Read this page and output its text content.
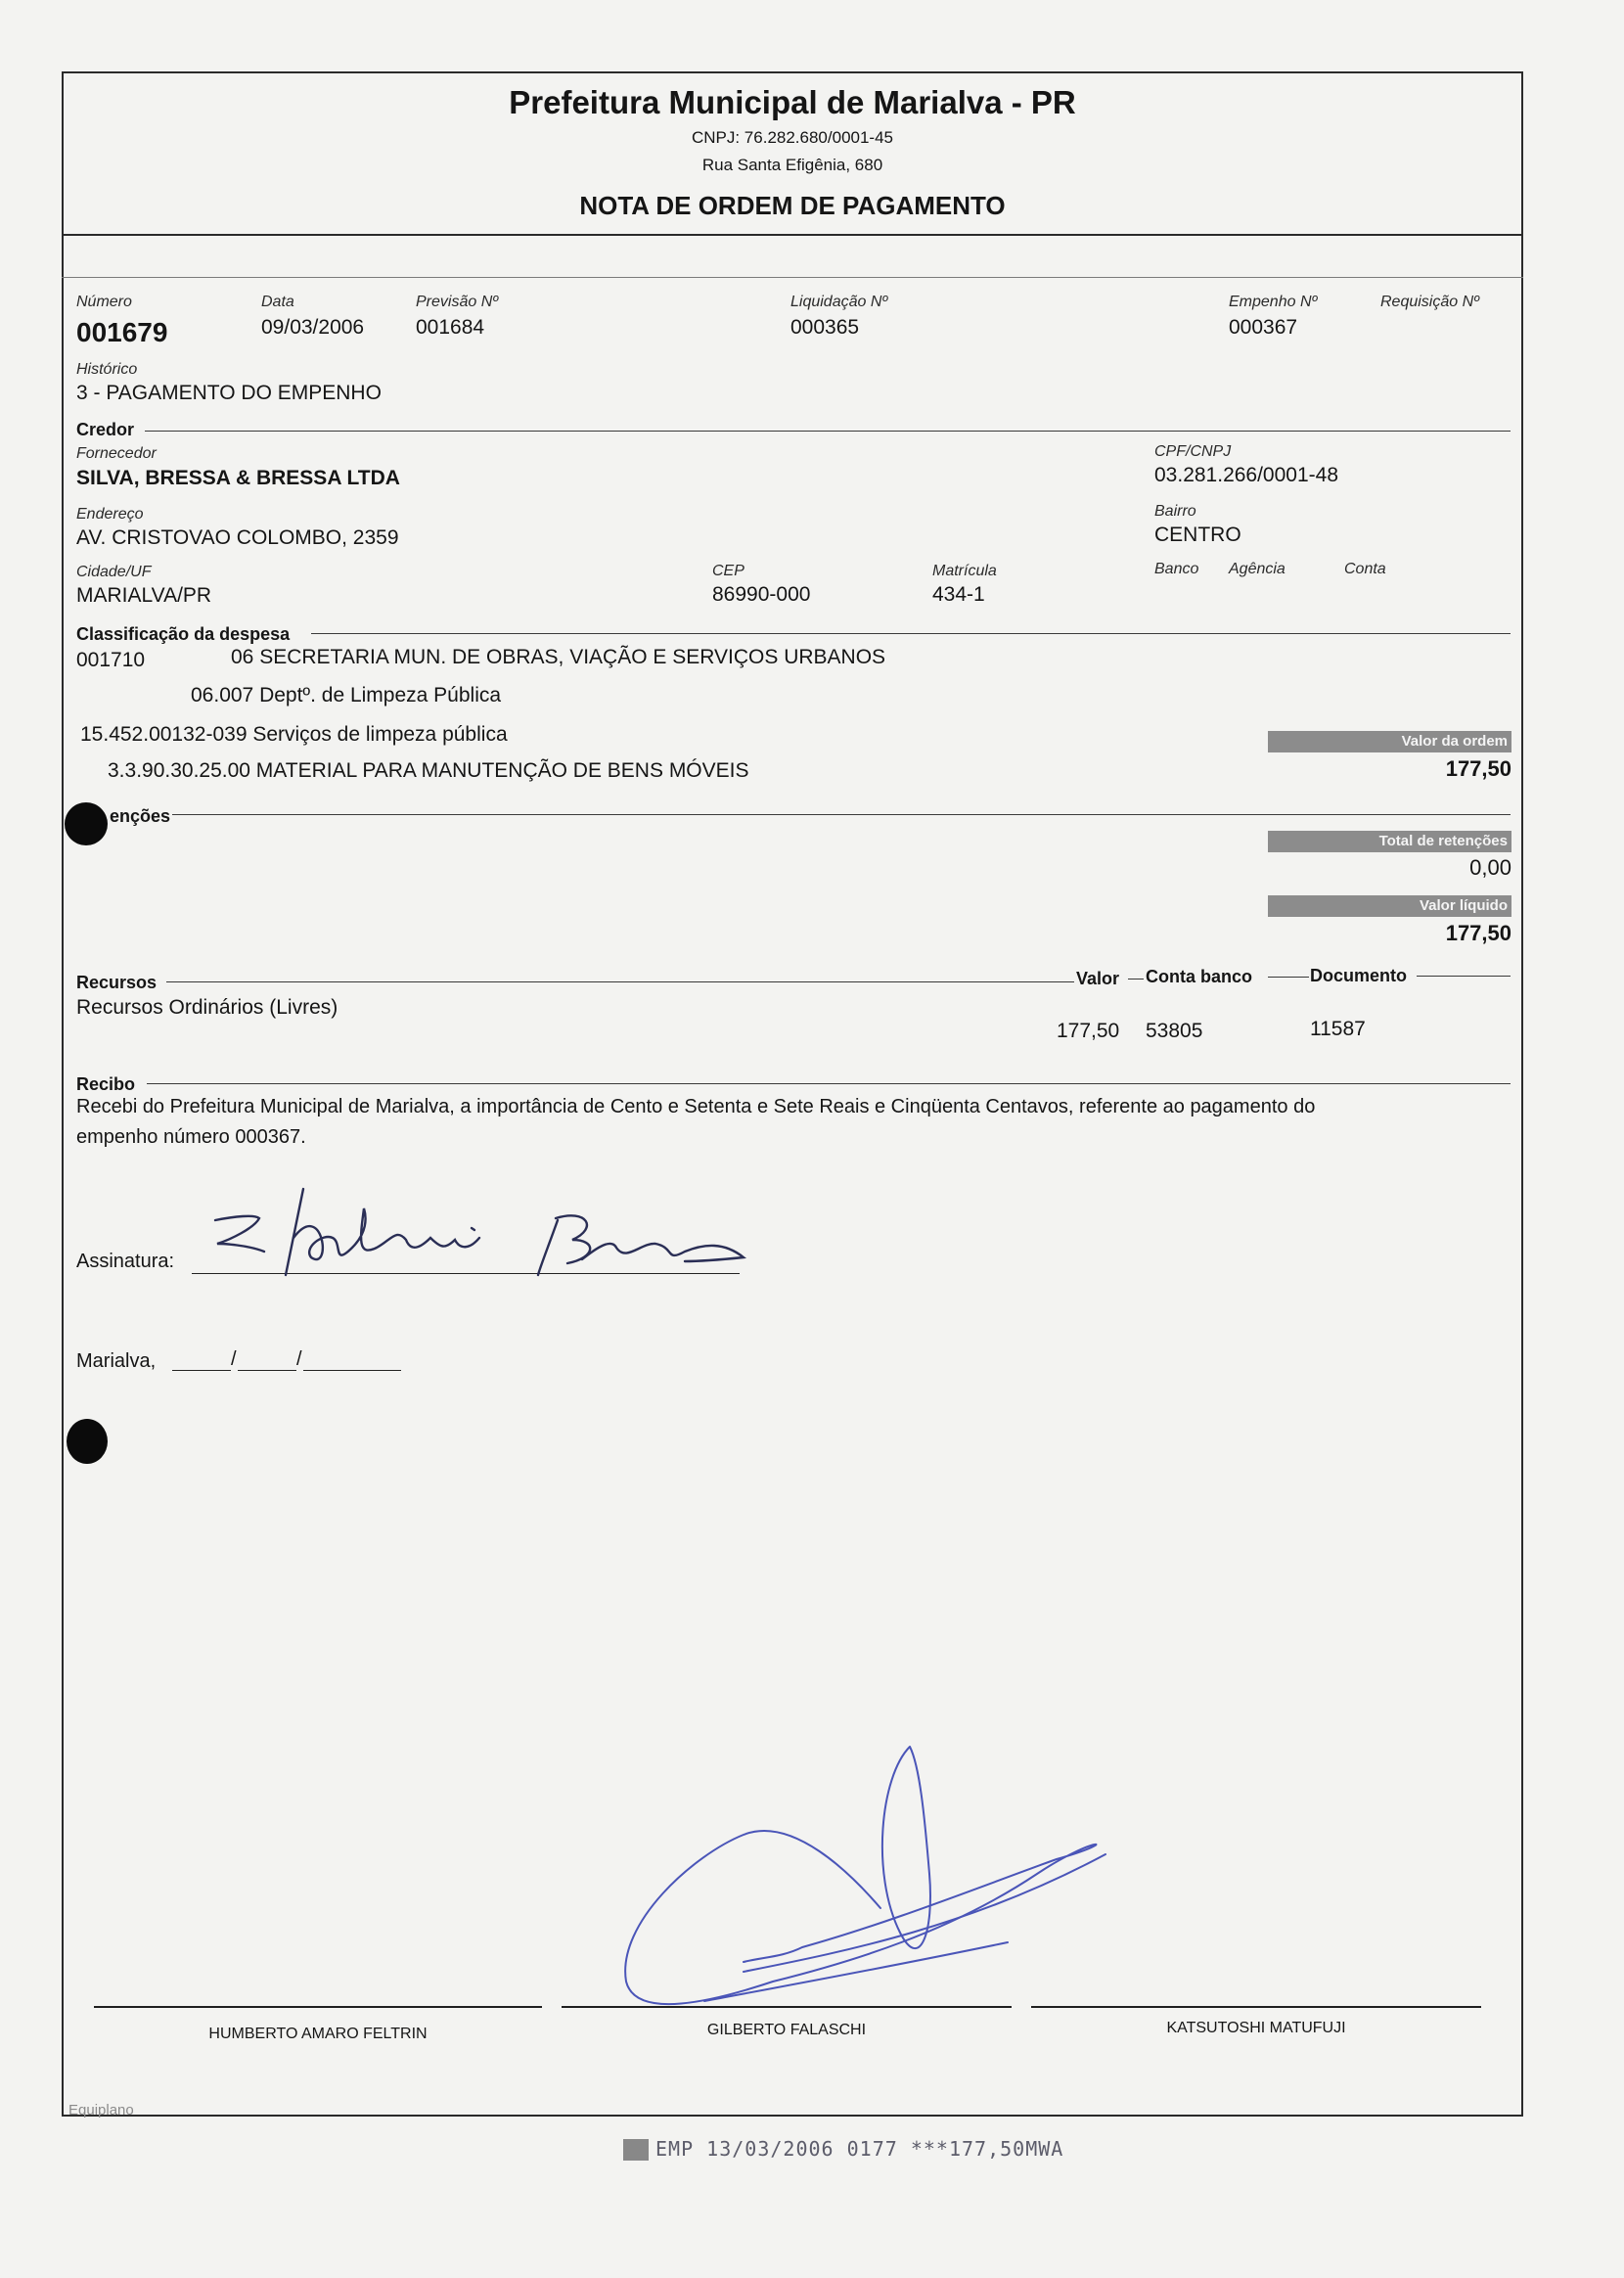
Prefeitura Municipal de Marialva - PR
CNPJ: 76.282.680/0001-45
Rua Santa Efigênia, 680
NOTA DE ORDEM DE PAGAMENTO
Número
001679
Data
09/03/2006
Previsão Nº
001684
Liquidação Nº
000365
Empenho Nº
000367
Requisição Nº
Histórico
3 - PAGAMENTO DO EMPENHO
Credor
Fornecedor
SILVA, BRESSA & BRESSA LTDA
CPF/CNPJ
03.281.266/0001-48
Endereço
AV. CRISTOVAO COLOMBO, 2359
Bairro
CENTRO
Cidade/UF
MARIALVA/PR
CEP
86990-000
Matrícula
434-1
Banco Agência	Conta
Classificação da despesa
001710	06 SECRETARIA MUN. DE OBRAS, VIAÇÃO E SERVIÇOS URBANOS
06.007 Deptº. de Limpeza Pública
15.452.00132-039 Serviços de limpeza pública
3.3.90.30.25.00 MATERIAL PARA MANUTENÇÃO DE BENS MÓVEIS
Valor da ordem
177,50
enções
Total de retenções
0,00
Valor líquido
177,50
Recursos	Valor Conta banco	Documento
Recursos Ordinários (Livres)
177,50 53805	11587
Recibo
Recebi do Prefeitura Municipal de Marialva, a importância de Cento e Setenta e Sete Reais e Cinqüenta Centavos, referente ao pagamento do
empenho número 000367.
Assinatura:
Marialva,	/	/
HUMBERTO AMARO FELTRIN	GILBERTO FALASCHI	KATSUTOSHI MATUFUJI
Equiplano
EMP 13/03/2006 0177 ***177,50MWA
